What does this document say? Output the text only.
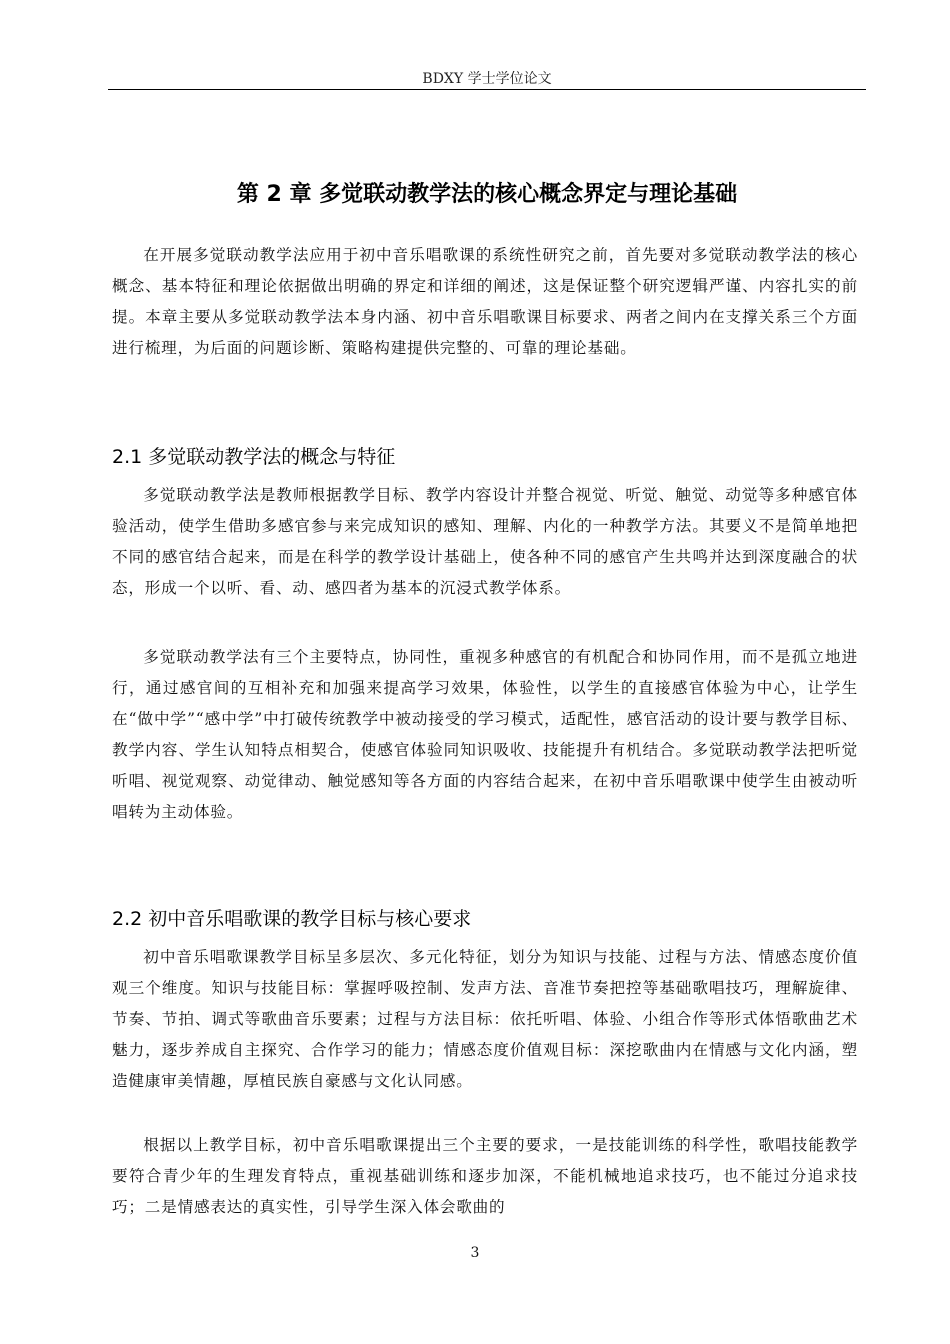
BDXY 学士学位论文
第 2 章 多觉联动教学法的核心概念界定与理论基础

在开展多觉联动教学法应用于初中音乐唱歌课的系统性研究之前，首先要对多觉联动教学法的核心概念、基本特征和理论依据做出明确的界定和详细的阐述，这是保证整个研究逻辑严谨、内容扎实的前提。本章主要从多觉联动教学法本身内涵、初中音乐唱歌课目标要求、两者之间内在支撑关系三个方面进行梳理，为后面的问题诊断、策略构建提供完整的、可靠的理论基础。

2.1 多觉联动教学法的概念与特征

多觉联动教学法是教师根据教学目标、教学内容设计并整合视觉、听觉、触觉、动觉等多种感官体验活动，使学生借助多感官参与来完成知识的感知、理解、内化的一种教学方法。其要义不是简单地把不同的感官结合起来，而是在科学的教学设计基础上，使各种不同的感官产生共鸣并达到深度融合的状态，形成一个以听、看、动、感四者为基本的沉浸式教学体系。

多觉联动教学法有三个主要特点，协同性，重视多种感官的有机配合和协同作用，而不是孤立地进行，通过感官间的互相补充和加强来提高学习效果，体验性，以学生的直接感官体验为中心，让学生在“做中学”“感中学”中打破传统教学中被动接受的学习模式，适配性，感官活动的设计要与教学目标、教学内容、学生认知特点相契合，使感官体验同知识吸收、技能提升有机结合。多觉联动教学法把听觉听唱、视觉观察、动觉律动、触觉感知等各方面的内容结合起来，在初中音乐唱歌课中使学生由被动听唱转为主动体验。

2.2 初中音乐唱歌课的教学目标与核心要求

初中音乐唱歌课教学目标呈多层次、多元化特征，划分为知识与技能、过程与方法、情感态度价值观三个维度。知识与技能目标：掌握呼吸控制、发声方法、音准节奏把控等基础歌唱技巧，理解旋律、节奏、节拍、调式等歌曲音乐要素；过程与方法目标：依托听唱、体验、小组合作等形式体悟歌曲艺术魅力，逐步养成自主探究、合作学习的能力；情感态度价值观目标：深挖歌曲内在情感与文化内涵，塑造健康审美情趣，厚植民族自豪感与文化认同感。

根据以上教学目标，初中音乐唱歌课提出三个主要的要求，一是技能训练的科学性，歌唱技能教学要符合青少年的生理发育特点，重视基础训练和逐步加深，不能机械地追求技巧，也不能过分追求技巧；二是情感表达的真实性，引导学生深入体会歌曲的

3
